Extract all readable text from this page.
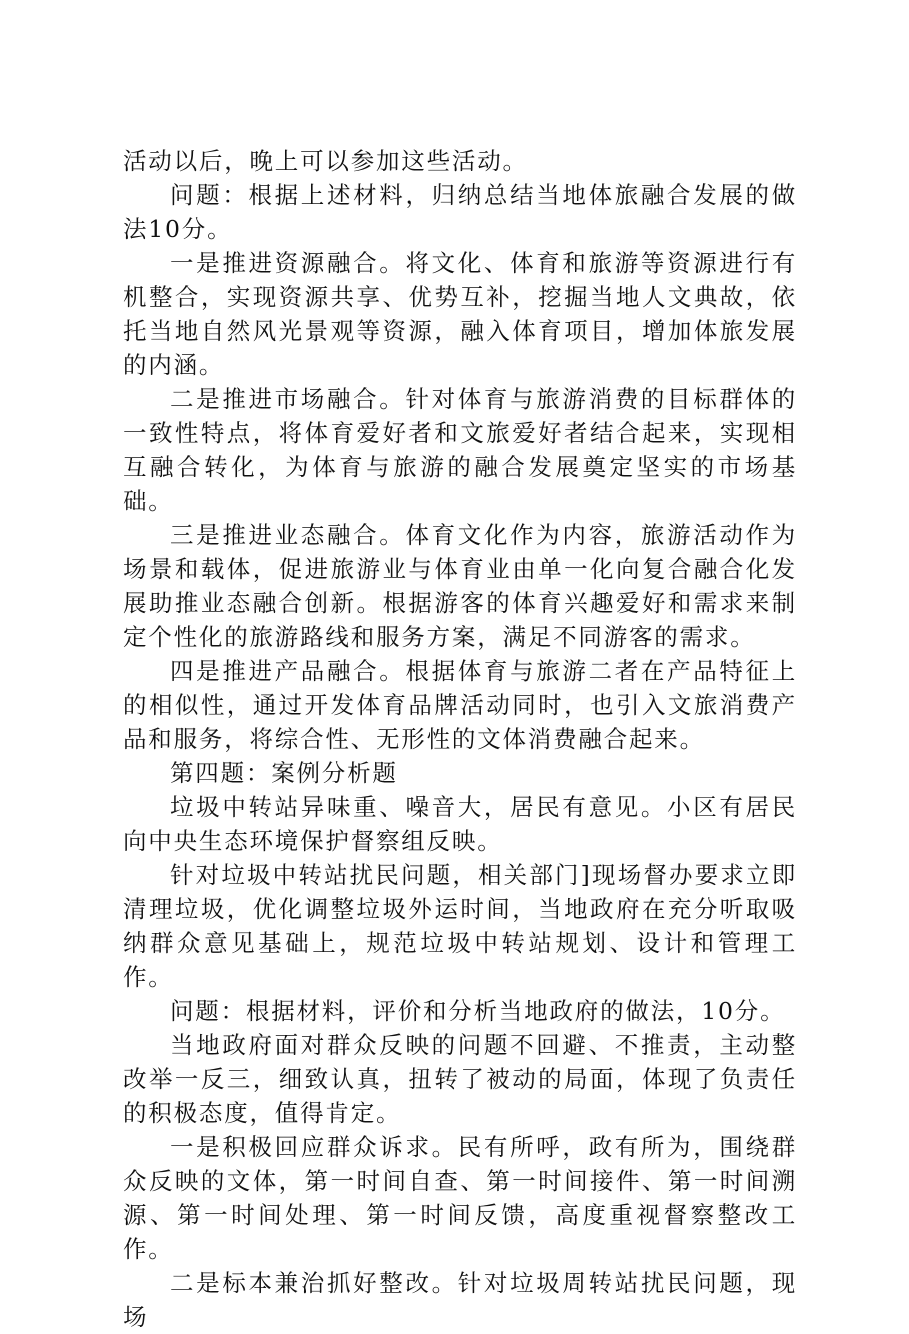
活动以后，晚上可以参加这些活动。

问题：根据上述材料，归纳总结当地体旅融合发展的做法10分。

一是推进资源融合。将文化、体育和旅游等资源进行有机整合，实现资源共享、优势互补，挖掘当地人文典故，依托当地自然风光景观等资源，融入体育项目，增加体旅发展的内涵。

二是推进市场融合。针对体育与旅游消费的目标群体的一致性特点，将体育爱好者和文旅爱好者结合起来，实现相互融合转化，为体育与旅游的融合发展奠定坚实的市场基础。

三是推进业态融合。体育文化作为内容，旅游活动作为场景和载体，促进旅游业与体育业由单一化向复合融合化发展助推业态融合创新。根据游客的体育兴趣爱好和需求来制定个性化的旅游路线和服务方案，满足不同游客的需求。

四是推进产品融合。根据体育与旅游二者在产品特征上的相似性，通过开发体育品牌活动同时，也引入文旅消费产品和服务，将综合性、无形性的文体消费融合起来。

第四题：案例分析题

垃圾中转站异味重、噪音大，居民有意见。小区有居民向中央生态环境保护督察组反映。

针对垃圾中转站扰民问题，相关部门]现场督办要求立即清理垃圾，优化调整垃圾外运时间，当地政府在充分听取吸纳群众意见基础上，规范垃圾中转站规划、设计和管理工作。

问题：根据材料，评价和分析当地政府的做法，10分。

当地政府面对群众反映的问题不回避、不推责，主动整改举一反三，细致认真，扭转了被动的局面，体现了负责任的积极态度，值得肯定。

一是积极回应群众诉求。民有所呼，政有所为，围绕群众反映的文体，第一时间自查、第一时间接件、第一时间溯源、第一时间处理、第一时间反馈，高度重视督察整改工作。

二是标本兼治抓好整改。针对垃圾周转站扰民问题，现场
